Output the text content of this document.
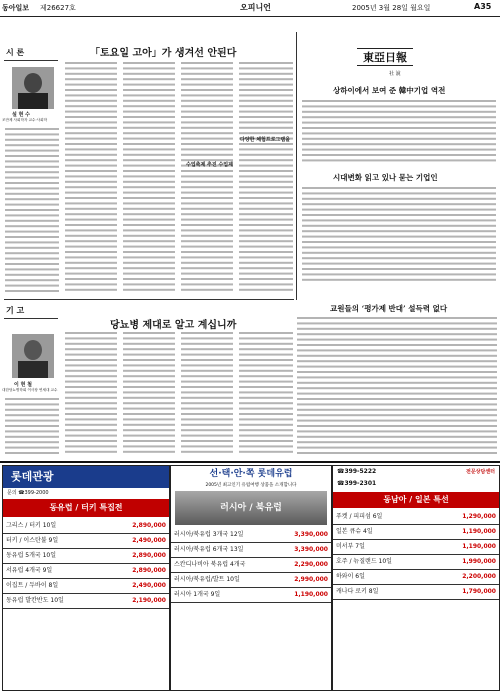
동아일보 제26627호	오피니언	2005년 3월 28일 월요일	A35
시 론
설 현 수
조만제 사회학자 교수·사회학
「토요일 고아」가 생겨선 안된다
수업축제 추진 수업제
다양한 체험프로그램을
東亞日報
社 說
상하이에서 보여 준 韓中기업 역전
시대변화 읽고 있나 묻는 기업인
교원들의 ‘평가제 반대’ 설득력 없다
기 고
당뇨병 제대로 알고 계십니까
이 현 철
대한당뇨병학회 이사장 연세대 교수
롯데관광
문의 ☎399-2000
동유럽 / 터키 특집전
그리스 / 터키 10일	2,890,000
터키 / 이스탄불 9일	2,490,000
동유럽 5개국 10일	2,890,000
서유럽 4개국 9일	2,890,000
이집트 / 두바이 8일	2,490,000
동유럽 발칸반도 10일	2,190,000
선·택·안·쪽 롯데유럽
2005년 최고인기 유럽여행 상품을 소개합니다
러시아 / 북유럽
러시아/북유럽 3개국 12일	3,390,000
러시아/북유럽 6개국 13일	3,390,000
스칸디나비아 북유럽 4개국	2,290,000
러시아/북유럽/발트 10일	2,990,000
러시아 1개국 9일	1,190,000
☎399-5222
☎399-2301
전문상담센터
동남아 / 일본 특선
푸켓 / 피피섬 6일	1,290,000
일본 큐슈 4일	1,190,000
미서부 7일	1,190,000
호주 / 뉴질랜드 10일	1,990,000
하와이 6일	2,200,000
캐나다 로키 8일	1,790,000
